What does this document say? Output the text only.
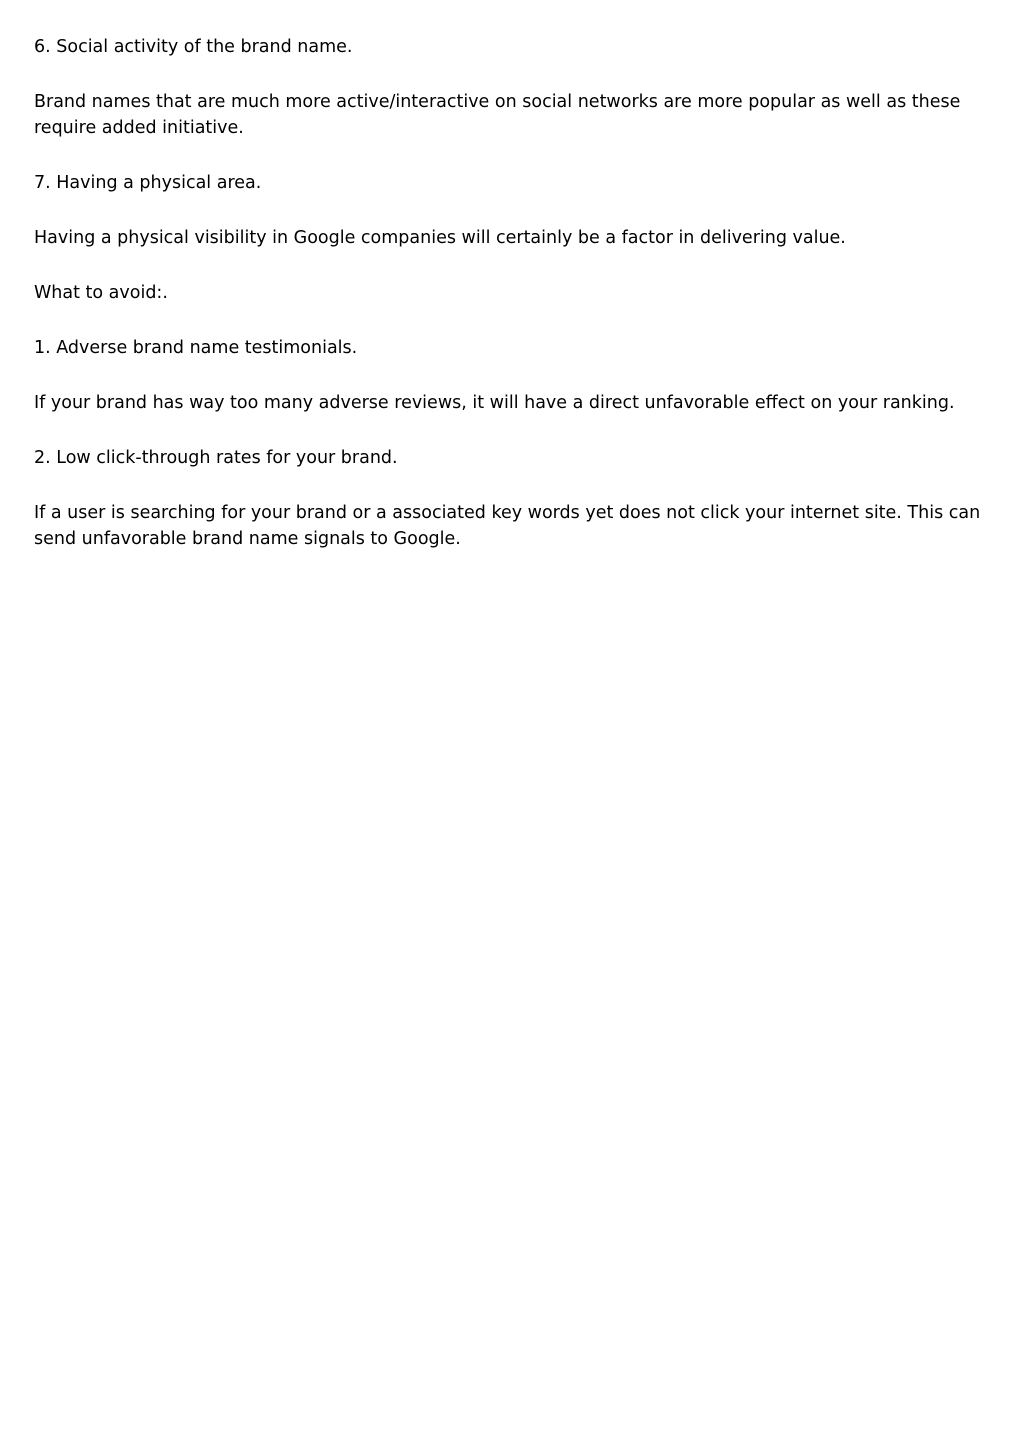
6. Social activity of the brand name.

Brand names that are much more active/interactive on social networks are more popular as well as these require added initiative.

7. Having a physical area.

Having a physical visibility in Google companies will certainly be a factor in delivering value.

What to avoid:.

1. Adverse brand name testimonials.

If your brand has way too many adverse reviews, it will have a direct unfavorable effect on your ranking.

2. Low click-through rates for your brand.

If a user is searching for your brand or a associated key words yet does not click your internet site. This can send unfavorable brand name signals to Google.
